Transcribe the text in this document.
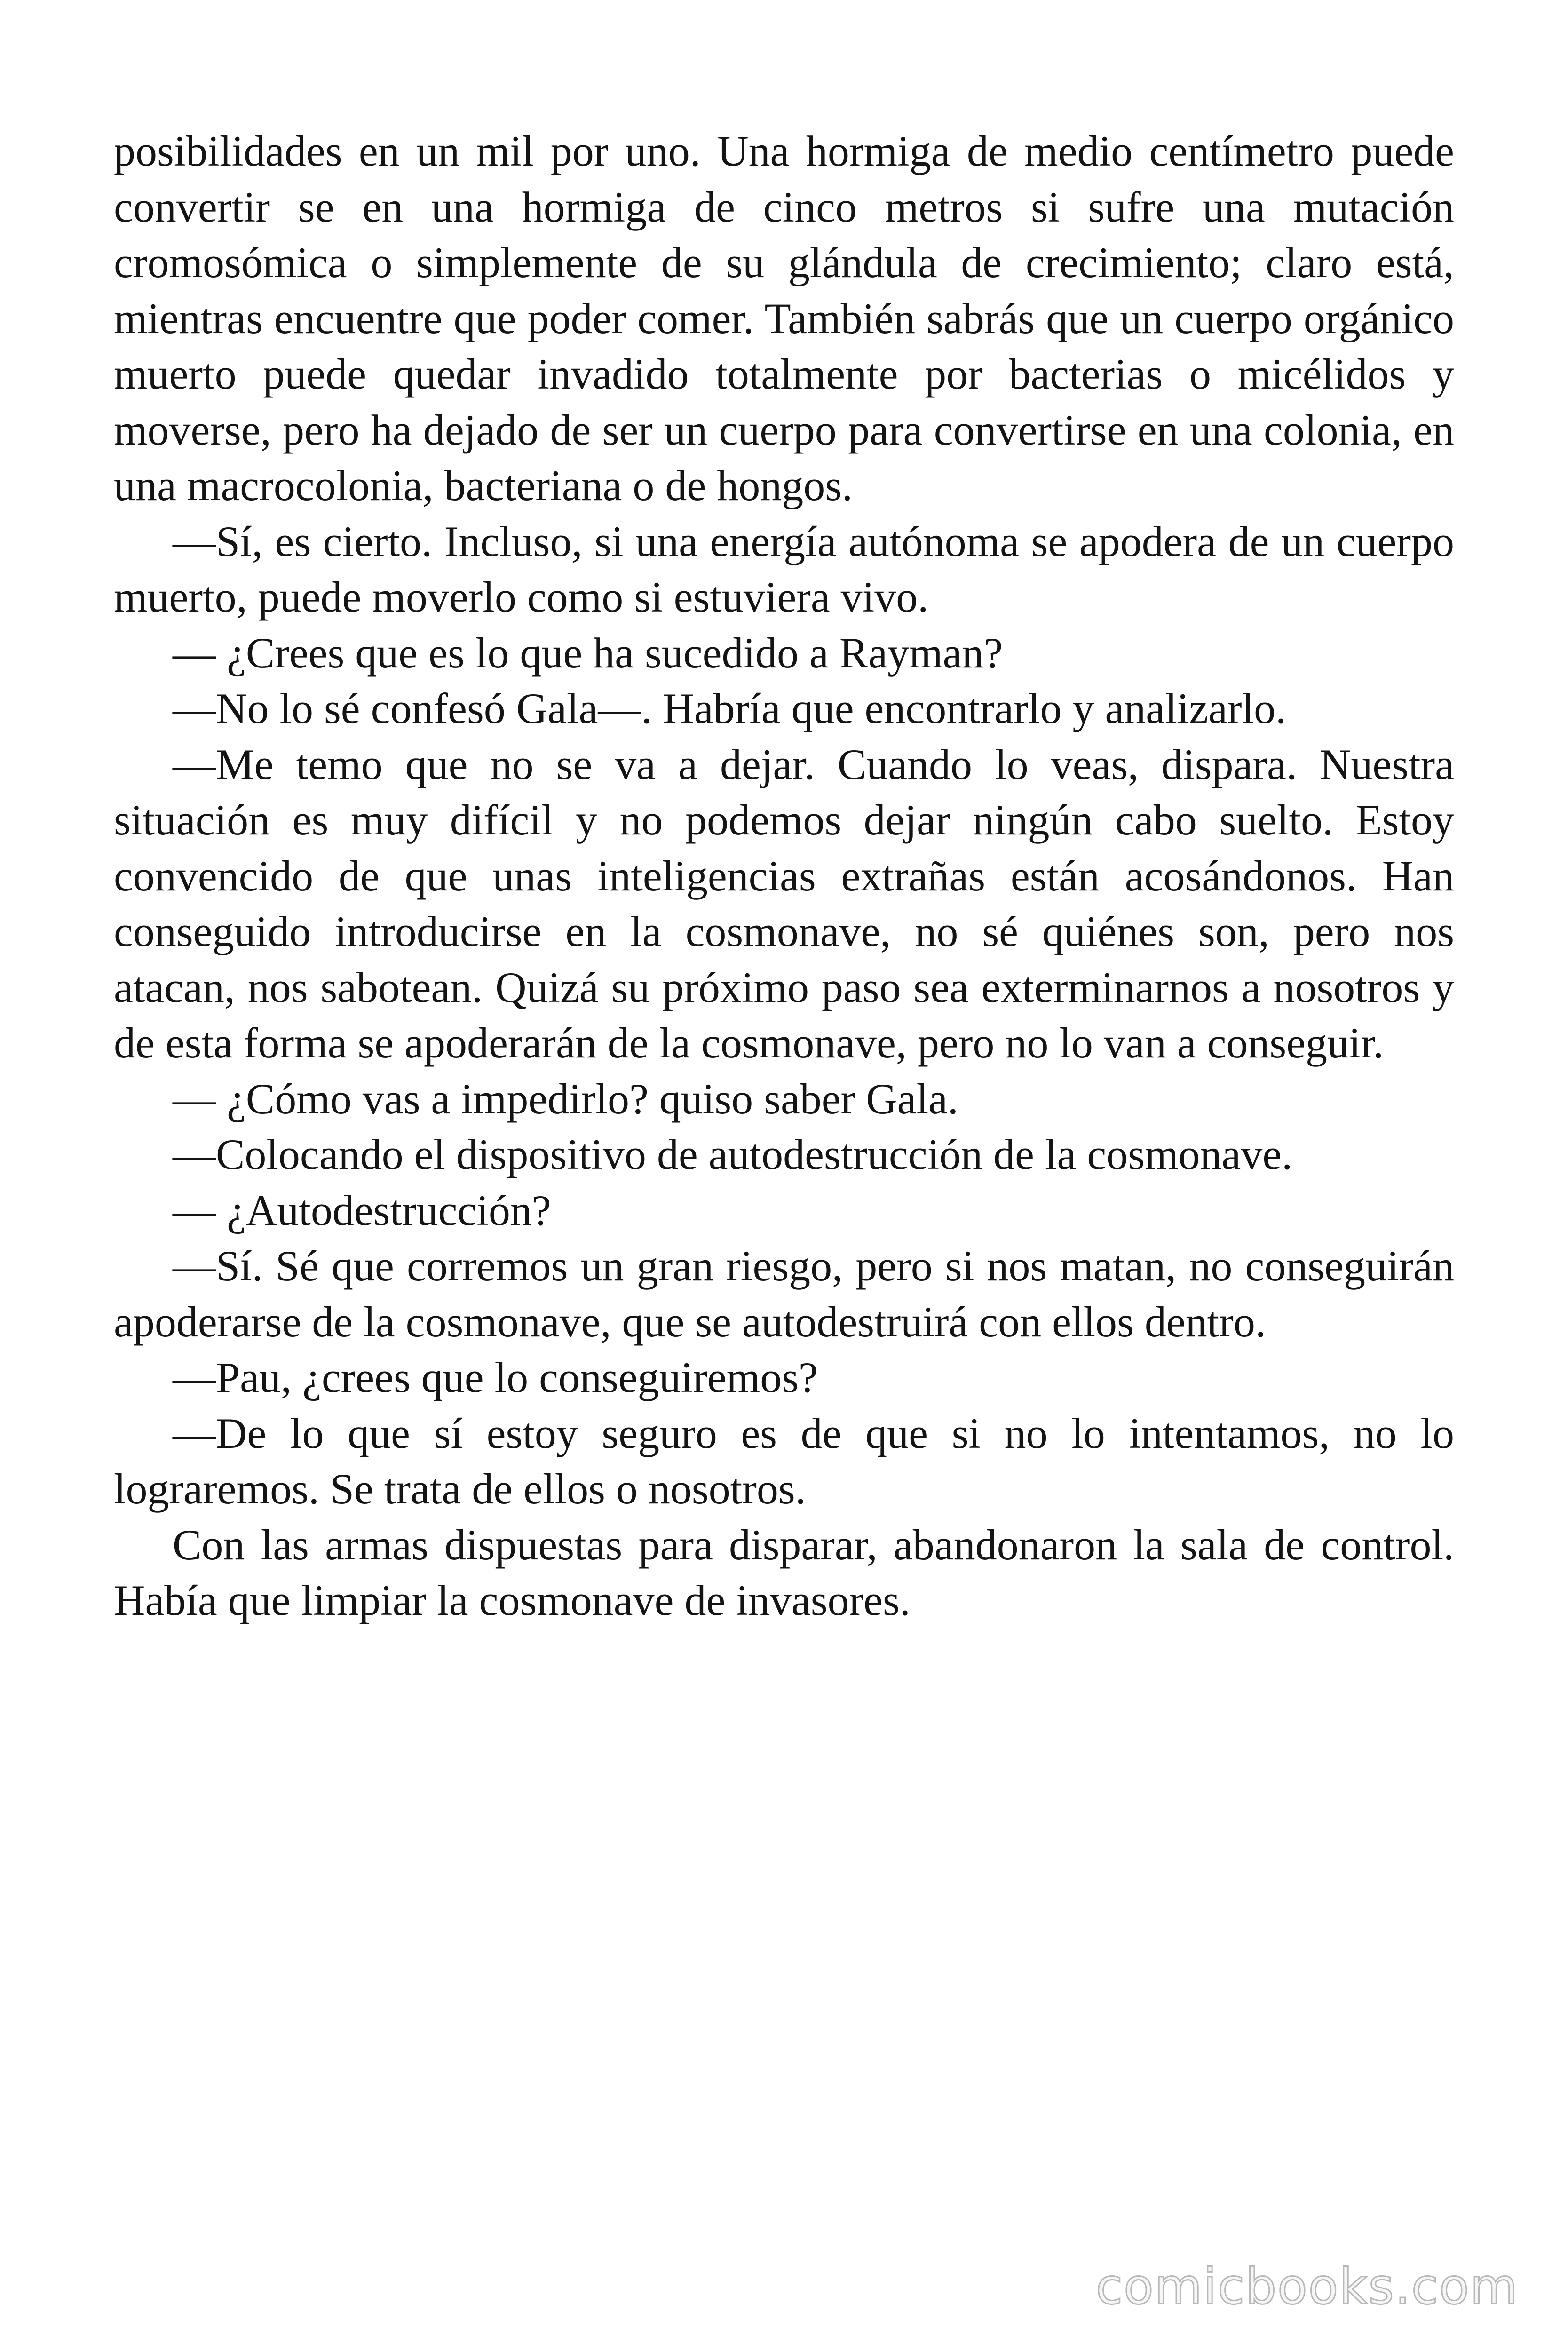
posibilidades en un mil por uno. Una hormiga de medio centímetro puede convertir se en una hormiga de cinco metros si sufre una mutación cromosómica o simplemente de su glándula de crecimiento; claro está, mientras encuentre que poder comer. También sabrás que un cuerpo orgánico muerto puede quedar invadido totalmente por bacterias o micélidos y moverse, pero ha dejado de ser un cuerpo para convertirse en una colonia, en una macrocolonia, bacteriana o de hongos.

—Sí, es cierto. Incluso, si una energía autónoma se apodera de un cuerpo muerto, puede moverlo como si estuviera vivo.

— ¿Crees que es lo que ha sucedido a Rayman?

—No lo sé confesó Gala—. Habría que encontrarlo y analizarlo.

—Me temo que no se va a dejar. Cuando lo veas, dispara. Nuestra situación es muy difícil y no podemos dejar ningún cabo suelto. Estoy convencido de que unas inteligencias extrañas están acosándonos. Han conseguido introducirse en la cosmonave, no sé quiénes son, pero nos atacan, nos sabotean. Quizá su próximo paso sea exterminarnos a nosotros y de esta forma se apoderarán de la cosmonave, pero no lo van a conseguir.

— ¿Cómo vas a impedirlo? quiso saber Gala.

—Colocando el dispositivo de autodestrucción de la cosmonave.

— ¿Autodestrucción?

—Sí. Sé que corremos un gran riesgo, pero si nos matan, no conseguirán apoderarse de la cosmonave, que se autodestruirá con ellos dentro.

—Pau, ¿crees que lo conseguiremos?

—De lo que sí estoy seguro es de que si no lo intentamos, no lo lograremos. Se trata de ellos o nosotros.

Con las armas dispuestas para disparar, abandonaron la sala de control. Había que limpiar la cosmonave de invasores.

comicbooks.com
